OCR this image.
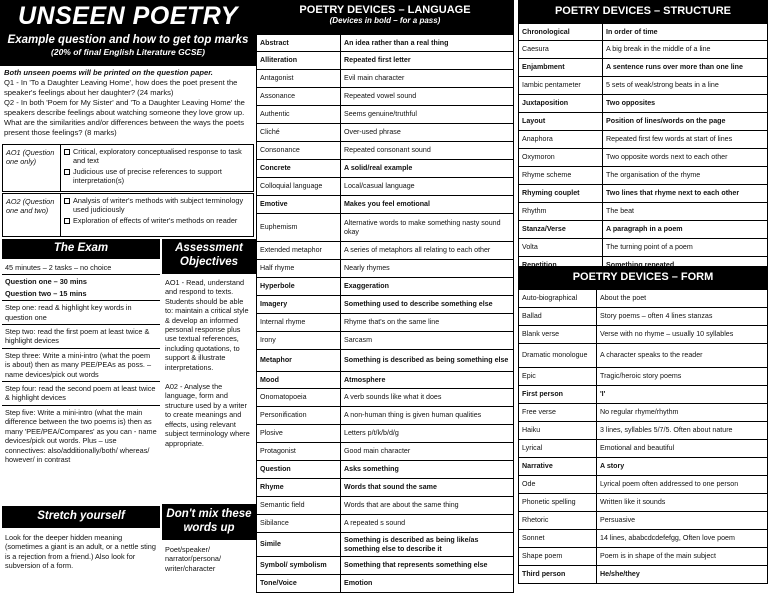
UNSEEN POETRY
Example question and how to get top marks
(20% of final English Literature GCSE)
Both unseen poems will be printed on the question paper.
Q1 - In 'To a Daughter Leaving Home', how does the poet present the speaker's feelings about her daughter? (24 marks)
Q2 - In both 'Poem for My Sister' and 'To a Daughter Leaving Home' the speakers describe feelings about watching someone they love grow up. What are the similarities and/or differences between the ways the poets present those feelings? (8 marks)
AO1 (Question one only)
Critical, exploratory conceptualised response to task and text
Judicious use of precise references to support interpretation(s)
AO2 (Question one and two)
Analysis of writer's methods with subject terminology used judiciously
Exploration of effects of writer's methods on reader
The Exam	Assessment Objectives
45 minutes – 2 tasks – no choice
Question one – 30 mins
Question two – 15 mins
Step one: read & highlight key words in question one
Step two: read the first poem at least twice & highlight devices
Step three: Write a mini-intro (what the poem is about) then as many PEE/PEAs as poss. – name devices/pick out words
Step four: read the second poem at least twice & highlight devices
Step five: Write a mini-intro (what the main difference between the two poems is) then as many 'PEE/PEA/Compares' as you can - name devices/pick out words. Plus – use connectives: also/additionally/both/ whereas/ however/ in contrast
AO1 - Read, understand and respond to texts. Students should be able to: maintain a critical style & develop an informed personal response plus use textual references, including quotations, to support & illustrate interpretations.
A02 - Analyse the language, form and structure used by a writer to create meanings and effects, using relevant subject terminology where appropriate.
Stretch yourself
Look for the deeper hidden meaning (sometimes a giant is an adult, or a nettle sting is a rejection from a friend.) Also look for subversion of a form.
Don't mix these words up
Poet/speaker/ narrator/persona/ writer/character
POETRY DEVICES – LANGUAGE
(Devices in bold – for a pass)
Abstract	An idea rather than a real thing
Alliteration	Repeated first letter
Antagonist	Evil main character
Assonance	Repeated vowel sound
Authentic	Seems genuine/truthful
Cliché	Over-used phrase
Consonance	Repeated consonant sound
Concrete	A solid/real example
Colloquial language	Local/casual language
Emotive	Makes you feel emotional
Euphemism	Alternative words to make something nasty sound okay
Extended metaphor	A series of metaphors all relating to each other
Half rhyme	Nearly rhymes
Hyperbole	Exaggeration
Imagery	Something used to describe something else
Internal rhyme	Rhyme that's on the same line
Irony	Sarcasm
Metaphor	Something is described as being something else
Mood	Atmosphere
Onomatopoeia	A verb sounds like what it does
Personification	A non-human thing is given human qualities
Plosive	Letters p/t/k/b/d/g
Protagonist	Good main character
Question	Asks something
Rhyme	Words that sound the same
Semantic field	Words that are about the same thing
Sibilance	A repeated s sound
Simile	Something is described as being like/as something else to describe it
Symbol/ symbolism	Something that represents something else
Tone/Voice	Emotion
POETRY DEVICES – STRUCTURE
Chronological	In order of time
Caesura	A big break in the middle of a line
Enjambment	A sentence runs over more than one line
Iambic pentameter	5 sets of weak/strong beats in a line
Juxtaposition	Two opposites
Layout	Position of lines/words on the page
Anaphora	Repeated first few words at start of lines
Oxymoron	Two opposite words next to each other
Rhyme scheme	The organisation of the rhyme
Rhyming couplet	Two lines that rhyme next to each other
Rhythm	The beat
Stanza/Verse	A paragraph in a poem
Volta	The turning point of a poem

POETRY DEVICES – FORM
Auto-biographical	About the poet
Ballad	Story poems – often 4 lines stanzas
Blank verse	Verse with no rhyme – usually 10 syllables
Dramatic monologue	A character speaks to the reader
Epic	Tragic/heroic story poems
First person	'I'
Free verse	No regular rhyme/rhythm
Haiku	3 lines, syllables 5/7/5. Often about nature
Lyrical	Emotional and beautiful
Narrative	A story
Ode	Lyrical poem often addressed to one person
Phonetic spelling	Written like it sounds
Rhetoric	Persuasive
Sonnet	14 lines, ababcdcdefefgg, Often love poem
Shape poem	Poem is in shape of the main subject
Third person	He/she/they
